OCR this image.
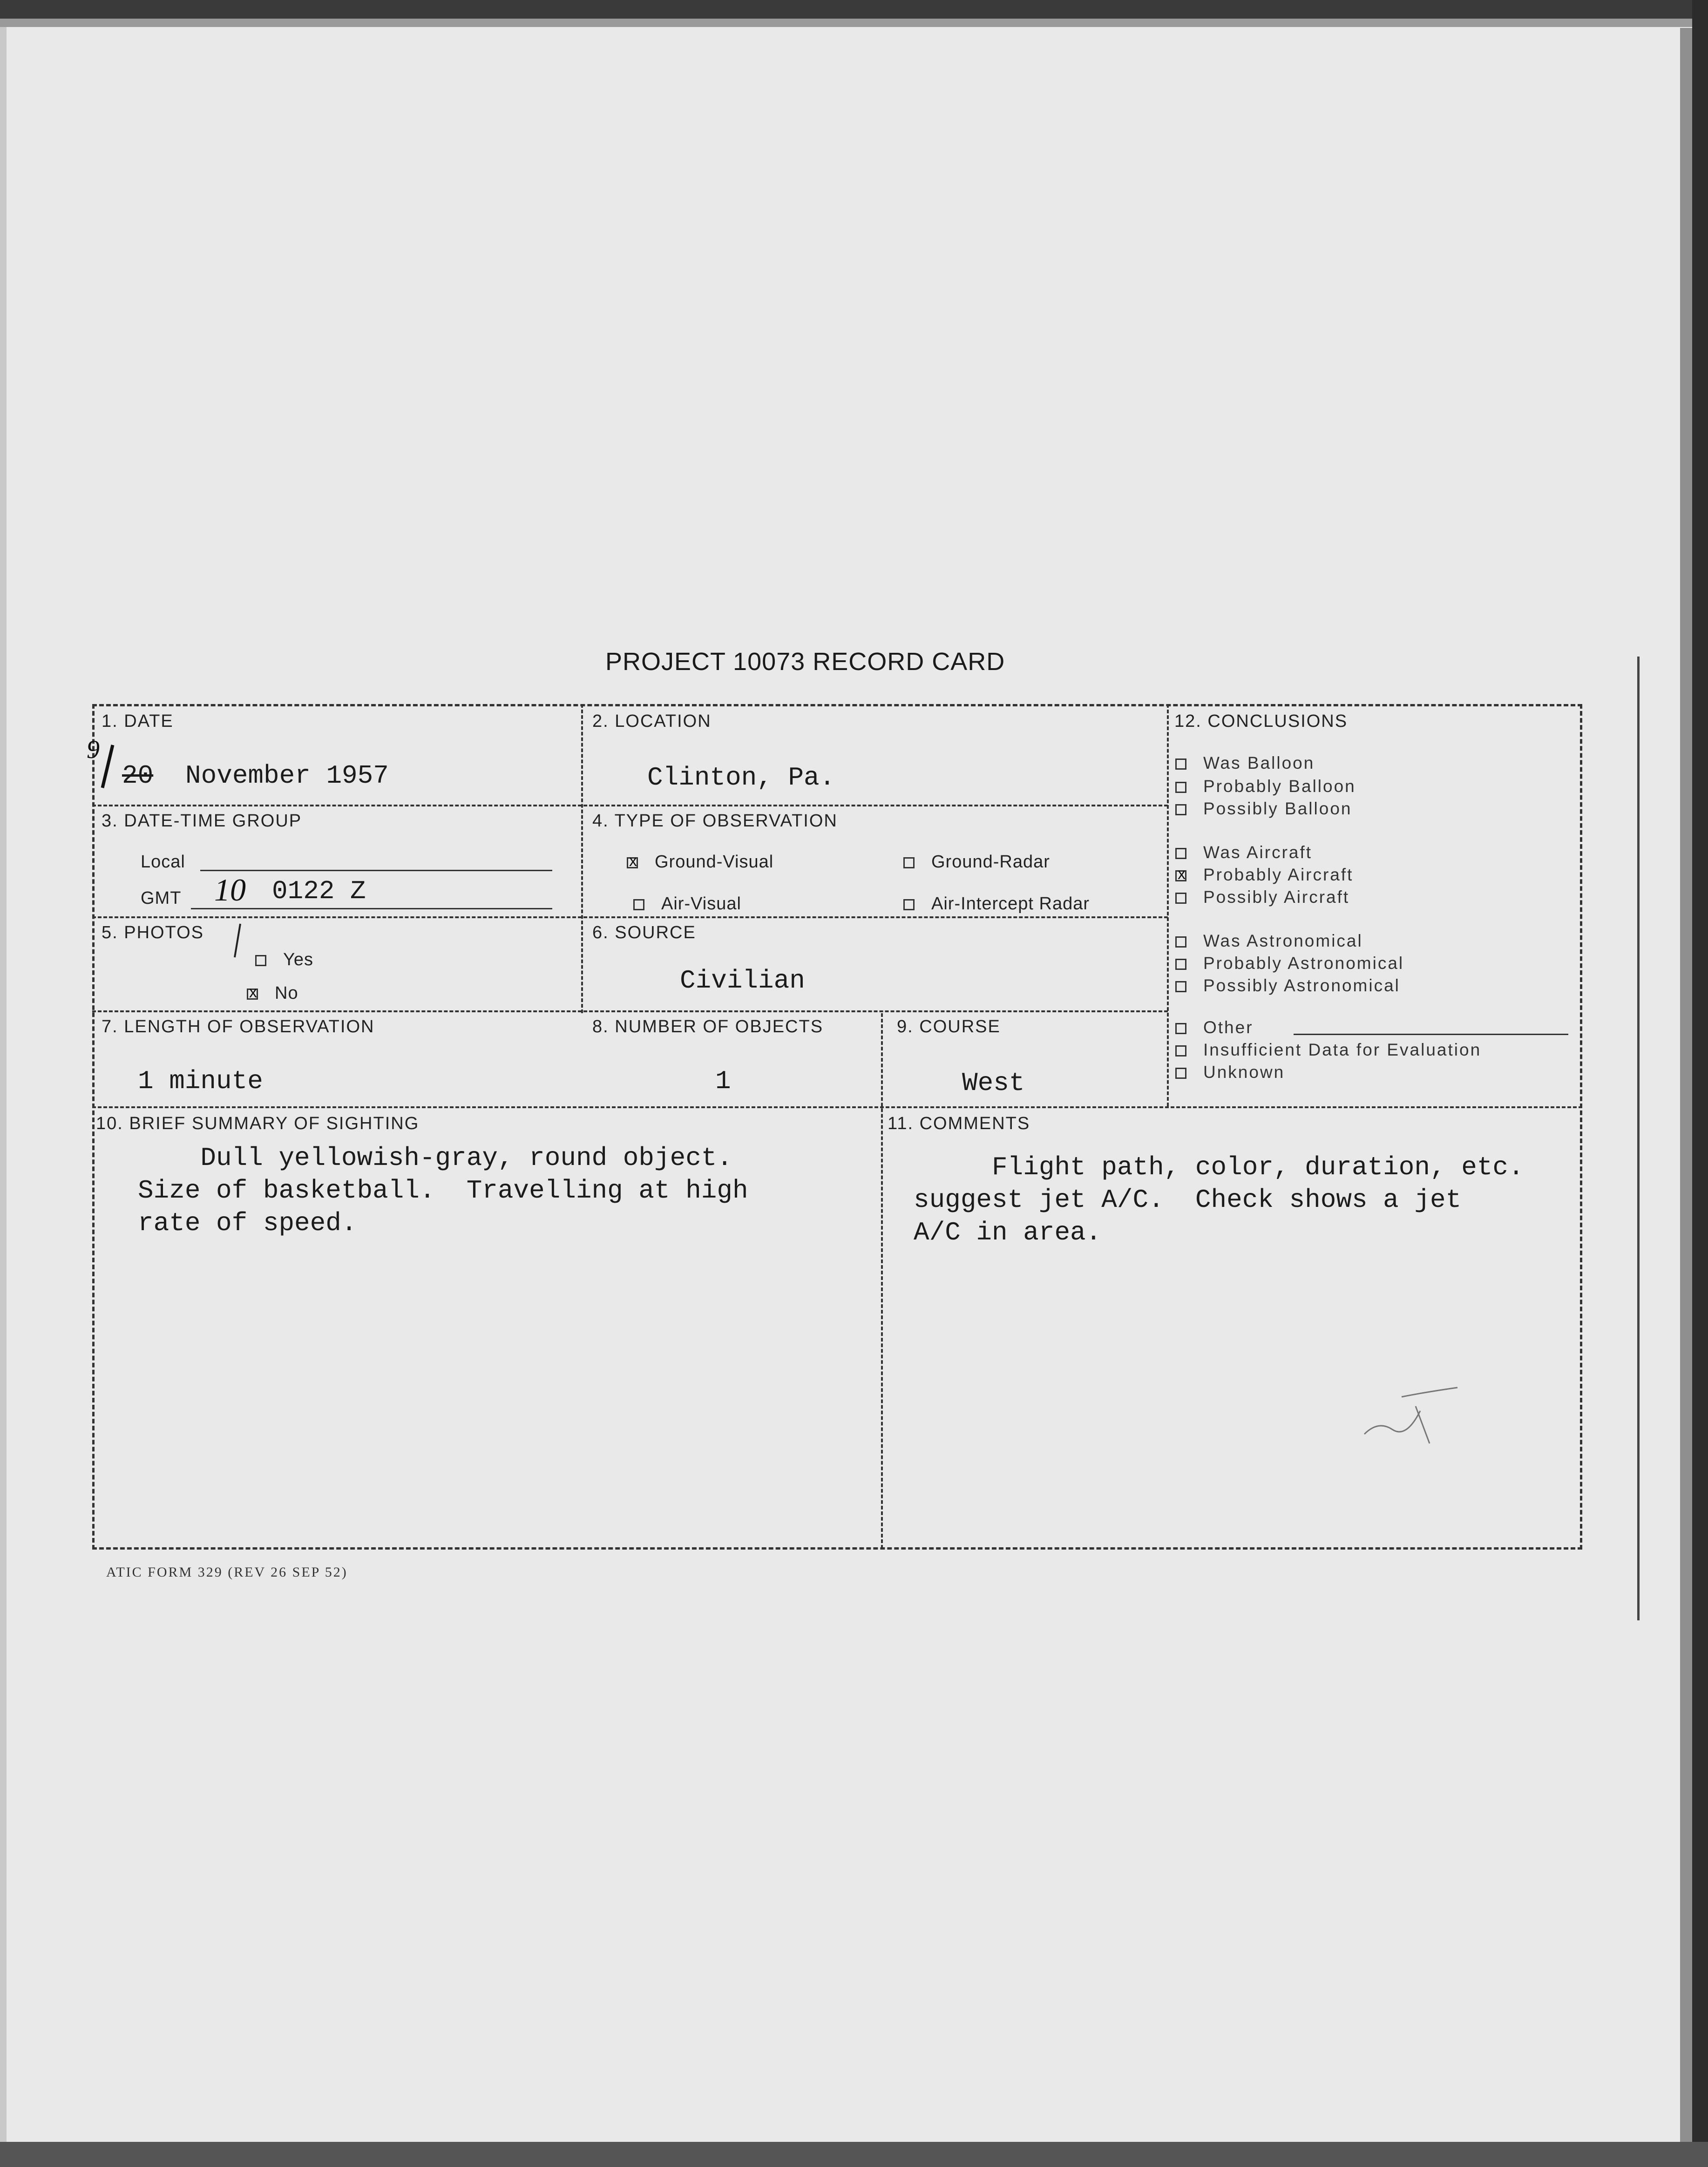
PROJECT 10073 RECORD CARD
1. DATE
9
20 November 1957
2. LOCATION
Clinton, Pa.
12. CONCLUSIONS
Was Balloon
Probably Balloon
Possibly Balloon
Was Aircraft
xProbably Aircraft
Possibly Aircraft
Was Astronomical
Probably Astronomical
Possibly Astronomical
Other
Insufficient Data for Evaluation
Unknown
3. DATE-TIME GROUP
Local
GMT 10 0122 Z
4. TYPE OF OBSERVATION
xGround-Visual	Ground-Radar
Air-Visual	Air-Intercept Radar
5. PHOTOS
Yes
xNo
6. SOURCE
Civilian
7. LENGTH OF OBSERVATION
1 minute
8. NUMBER OF OBJECTS
1
9. COURSE
West
10. BRIEF SUMMARY OF SIGHTING
Dull yellowish-gray, round object.
Size of basketball.  Travelling at high
rate of speed.
11. COMMENTS
Flight path, color, duration, etc.
suggest jet A/C.  Check shows a jet
A/C in area.
ATIC FORM 329 (REV 26 SEP 52)
